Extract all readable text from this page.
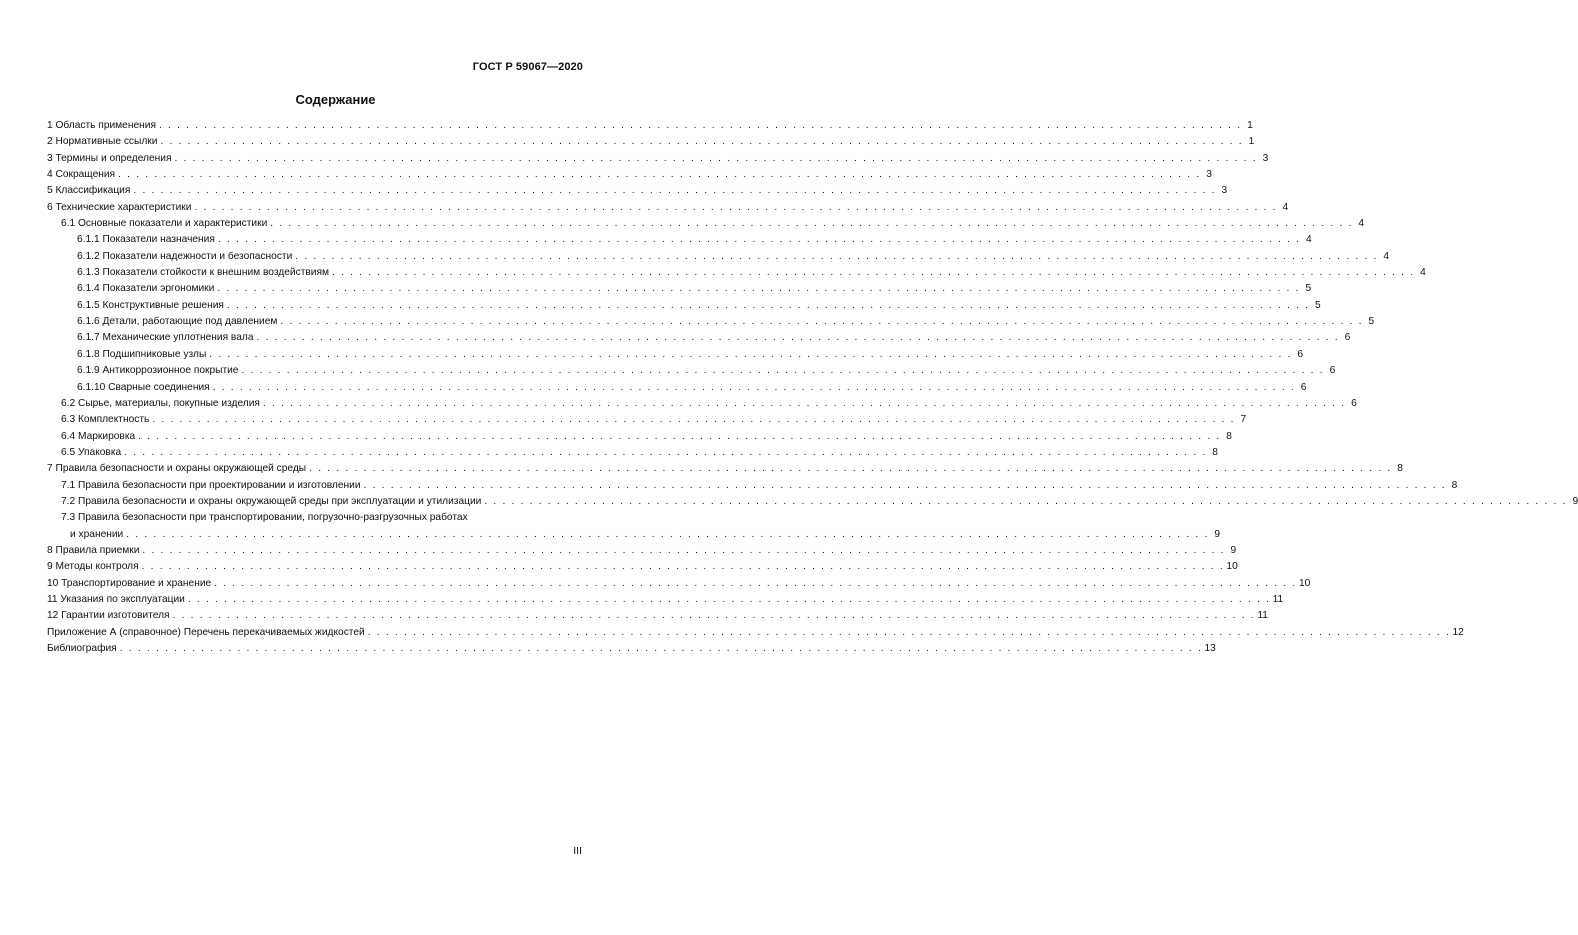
ГОСТ Р 59067—2020
Содержание
1 Область применения . . . . . . . . . . . . . . . . . . . . . . . . . . . . . . . . . . . . . . . . . . . . . . . . . . . . . . . . . . . . . . . . . . . . . . . . . . . . . . . . . . . . . . . . . . . . . . . . . . . . . . . . . . . . . . . . . . . . . . . . 1
2 Нормативные ссылки . . . . . . . . . . . . . . . . . . . . . . . . . . . . . . . . . . . . . . . . . . . . . . . . . . . . . . . . . . . . . . . . . . . . . . . . . . . . . . . . . . . . . . . . . . . . . . . . . . . . . . . . . . . . . . . . . . . . . . . . 1
3 Термины и определения . . . . . . . . . . . . . . . . . . . . . . . . . . . . . . . . . . . . . . . . . . . . . . . . . . . . . . . . . . . . . . . . . . . . . . . . . . . . . . . . . . . . . . . . . . . . . . . . . . . . . . . . . . . . . . . . . . . . . . . . 3
4 Сокращения . . . . . . . . . . . . . . . . . . . . . . . . . . . . . . . . . . . . . . . . . . . . . . . . . . . . . . . . . . . . . . . . . . . . . . . . . . . . . . . . . . . . . . . . . . . . . . . . . . . . . . . . . . . . . . . . . . . . . . . . 3
5 Классификация . . . . . . . . . . . . . . . . . . . . . . . . . . . . . . . . . . . . . . . . . . . . . . . . . . . . . . . . . . . . . . . . . . . . . . . . . . . . . . . . . . . . . . . . . . . . . . . . . . . . . . . . . . . . . . . . . . . . . . . . 3
6 Технические характеристики . . . . . . . . . . . . . . . . . . . . . . . . . . . . . . . . . . . . . . . . . . . . . . . . . . . . . . . . . . . . . . . . . . . . . . . . . . . . . . . . . . . . . . . . . . . . . . . . . . . . . . . . . . . . . . . . . . . . . . . . 4
6.1 Основные показатели и характеристики . . . . . . . . . . . . . . . . . . . . . . . . . . . . . . . . . . . . . . . . . . . . . . . . . . . . . . . . . . . . . . . . . . . . . . . . . . . . . . . . . . . . . . . . . . . . . . . . . . . . . . . . . . . . . . . . . . . . . . . . 4
6.1.1 Показатели назначения . . . . . . . . . . . . . . . . . . . . . . . . . . . . . . . . . . . . . . . . . . . . . . . . . . . . . . . . . . . . . . . . . . . . . . . . . . . . . . . . . . . . . . . . . . . . . . . . . . . . . . . . . . . . . . . . . . . . . . . . 4
6.1.2 Показатели надежности и безопасности . . . . . . . . . . . . . . . . . . . . . . . . . . . . . . . . . . . . . . . . . . . . . . . . . . . . . . . . . . . . . . . . . . . . . . . . . . . . . . . . . . . . . . . . . . . . . . . . . . . . . . . . . . . . . . . . . . . . . . . . 4
6.1.3 Показатели стойкости к внешним воздействиям . . . . . . . . . . . . . . . . . . . . . . . . . . . . . . . . . . . . . . . . . . . . . . . . . . . . . . . . . . . . . . . . . . . . . . . . . . . . . . . . . . . . . . . . . . . . . . . . . . . . . . . . . . . . . . . . . . . . . . . . 4
6.1.4 Показатели эргономики . . . . . . . . . . . . . . . . . . . . . . . . . . . . . . . . . . . . . . . . . . . . . . . . . . . . . . . . . . . . . . . . . . . . . . . . . . . . . . . . . . . . . . . . . . . . . . . . . . . . . . . . . . . . . . . . . . . . . . . . 5
6.1.5 Конструктивные решения . . . . . . . . . . . . . . . . . . . . . . . . . . . . . . . . . . . . . . . . . . . . . . . . . . . . . . . . . . . . . . . . . . . . . . . . . . . . . . . . . . . . . . . . . . . . . . . . . . . . . . . . . . . . . . . . . . . . . . . . 5
6.1.6 Детали, работающие под давлением . . . . . . . . . . . . . . . . . . . . . . . . . . . . . . . . . . . . . . . . . . . . . . . . . . . . . . . . . . . . . . . . . . . . . . . . . . . . . . . . . . . . . . . . . . . . . . . . . . . . . . . . . . . . . . . . . . . . . . . . 5
6.1.7 Механические уплотнения вала . . . . . . . . . . . . . . . . . . . . . . . . . . . . . . . . . . . . . . . . . . . . . . . . . . . . . . . . . . . . . . . . . . . . . . . . . . . . . . . . . . . . . . . . . . . . . . . . . . . . . . . . . . . . . . . . . . . . . . . . 6
6.1.8 Подшипниковые узлы . . . . . . . . . . . . . . . . . . . . . . . . . . . . . . . . . . . . . . . . . . . . . . . . . . . . . . . . . . . . . . . . . . . . . . . . . . . . . . . . . . . . . . . . . . . . . . . . . . . . . . . . . . . . . . . . . . . . . . . . 6
6.1.9 Антикоррозионное покрытие . . . . . . . . . . . . . . . . . . . . . . . . . . . . . . . . . . . . . . . . . . . . . . . . . . . . . . . . . . . . . . . . . . . . . . . . . . . . . . . . . . . . . . . . . . . . . . . . . . . . . . . . . . . . . . . . . . . . . . . . 6
6.1.10 Сварные соединения . . . . . . . . . . . . . . . . . . . . . . . . . . . . . . . . . . . . . . . . . . . . . . . . . . . . . . . . . . . . . . . . . . . . . . . . . . . . . . . . . . . . . . . . . . . . . . . . . . . . . . . . . . . . . . . . . . . . . . . . 6
6.2 Сырье, материалы, покупные изделия . . . . . . . . . . . . . . . . . . . . . . . . . . . . . . . . . . . . . . . . . . . . . . . . . . . . . . . . . . . . . . . . . . . . . . . . . . . . . . . . . . . . . . . . . . . . . . . . . . . . . . . . . . . . . . . . . . . . . . . . 6
6.3 Комплектность . . . . . . . . . . . . . . . . . . . . . . . . . . . . . . . . . . . . . . . . . . . . . . . . . . . . . . . . . . . . . . . . . . . . . . . . . . . . . . . . . . . . . . . . . . . . . . . . . . . . . . . . . . . . . . . . . . . . . . . . 7
6.4 Маркировка . . . . . . . . . . . . . . . . . . . . . . . . . . . . . . . . . . . . . . . . . . . . . . . . . . . . . . . . . . . . . . . . . . . . . . . . . . . . . . . . . . . . . . . . . . . . . . . . . . . . . . . . . . . . . . . . . . . . . . . . 8
6.5 Упаковка . . . . . . . . . . . . . . . . . . . . . . . . . . . . . . . . . . . . . . . . . . . . . . . . . . . . . . . . . . . . . . . . . . . . . . . . . . . . . . . . . . . . . . . . . . . . . . . . . . . . . . . . . . . . . . . . . . . . . . . . 8
7 Правила безопасности и охраны окружающей среды . . . . . . . . . . . . . . . . . . . . . . . . . . . . . . . . . . . . . . . . . . . . . . . . . . . . . . . . . . . . . . . . . . . . . . . . . . . . . . . . . . . . . . . . . . . . . . . . . . . . . . . . . . . . . . . . . . . . . . . . 8
7.1 Правила безопасности при проектировании и изготовлении . . . . . . . . . . . . . . . . . . . . . . . . . . . . . . . . . . . . . . . . . . . . . . . . . . . . . . . . . . . . . . . . . . . . . . . . . . . . . . . . . . . . . . . . . . . . . . . . . . . . . . . . . . . . . . . . . . . . . . . . 8
7.2 Правила безопасности и охраны окружающей среды при эксплуатации и утилизации . . . . . . . . . . . . . . . . . . . . . . . . . . . . . . . . . . . . . . . . . . . . . . . . . . . . . . . . . . . . . . . . . . . . . . . . . . . . . . . . . . . . . . . . . . . . . . . . . . . . . . . . . . . . . . . . . . . . . . . . 9
7.3 Правила безопасности при транспортировании, погрузочно-разгрузочных работах
и хранении . . . . . . . . . . . . . . . . . . . . . . . . . . . . . . . . . . . . . . . . . . . . . . . . . . . . . . . . . . . . . . . . . . . . . . . . . . . . . . . . . . . . . . . . . . . . . . . . . . . . . . . . . . . . . . . . . . . . . . . . 9
8 Правила приемки . . . . . . . . . . . . . . . . . . . . . . . . . . . . . . . . . . . . . . . . . . . . . . . . . . . . . . . . . . . . . . . . . . . . . . . . . . . . . . . . . . . . . . . . . . . . . . . . . . . . . . . . . . . . . . . . . . . . . . . . 9
9 Методы контроля . . . . . . . . . . . . . . . . . . . . . . . . . . . . . . . . . . . . . . . . . . . . . . . . . . . . . . . . . . . . . . . . . . . . . . . . . . . . . . . . . . . . . . . . . . . . . . . . . . . . . . . . . . . . . . . . . . . . . . . . 10
10 Транспортирование и хранение . . . . . . . . . . . . . . . . . . . . . . . . . . . . . . . . . . . . . . . . . . . . . . . . . . . . . . . . . . . . . . . . . . . . . . . . . . . . . . . . . . . . . . . . . . . . . . . . . . . . . . . . . . . . . . . . . . . . . . . . 10
11 Указания по эксплуатации . . . . . . . . . . . . . . . . . . . . . . . . . . . . . . . . . . . . . . . . . . . . . . . . . . . . . . . . . . . . . . . . . . . . . . . . . . . . . . . . . . . . . . . . . . . . . . . . . . . . . . . . . . . . . . . . . . . . . . . . 11
12 Гарантии изготовителя . . . . . . . . . . . . . . . . . . . . . . . . . . . . . . . . . . . . . . . . . . . . . . . . . . . . . . . . . . . . . . . . . . . . . . . . . . . . . . . . . . . . . . . . . . . . . . . . . . . . . . . . . . . . . . . . . . . . . . . . 11
Приложение А (справочное) Перечень перекачиваемых жидкостей . . . . . . . . . . . . . . . . . . . . . . . . . . . . . . . . . . . . . . . . . . . . . . . . . . . . . . . . . . . . . . . . . . . . . . . . . . . . . . . . . . . . . . . . . . . . . . . . . . . . . . . . . . . . . . . . . . . . . . . . 12
Библиография . . . . . . . . . . . . . . . . . . . . . . . . . . . . . . . . . . . . . . . . . . . . . . . . . . . . . . . . . . . . . . . . . . . . . . . . . . . . . . . . . . . . . . . . . . . . . . . . . . . . . . . . . . . . . . . . . . . . . . . . 13
III
